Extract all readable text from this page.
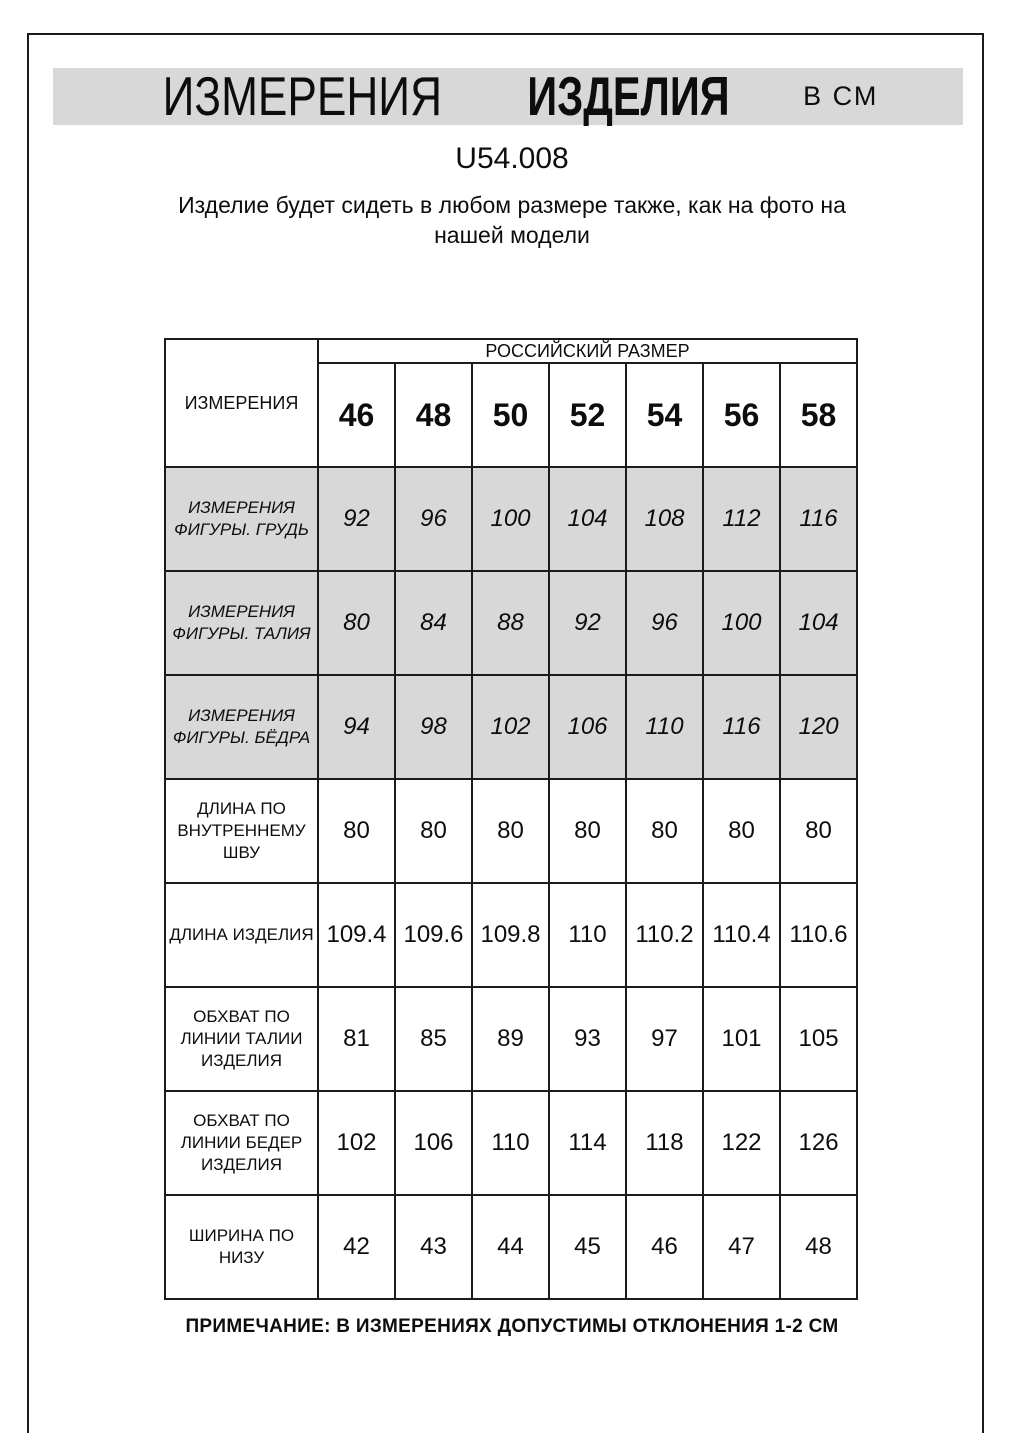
ИЗМЕРЕНИЯ ИЗДЕЛИЯ	В СМ
U54.008
Изделие будет сидеть в любом размере также, как на фото на нашей модели
ИЗМЕРЕНИЯ	РОССИЙСКИЙ РАЗМЕР						
	46	48	50	52	54	56	58
ИЗМЕРЕНИЯ ФИГУРЫ. ГРУДЬ	92	96	100	104	108	112	116
ИЗМЕРЕНИЯ ФИГУРЫ. ТАЛИЯ	80	84	88	92	96	100	104
ИЗМЕРЕНИЯ ФИГУРЫ. БЁДРА	94	98	102	106	110	116	120
ДЛИНА ПО ВНУТРЕННЕМУ ШВУ	80	80	80	80	80	80	80
ДЛИНА ИЗДЕЛИЯ	109.4	109.6	109.8	110	110.2	110.4	110.6
ОБХВАТ ПО ЛИНИИ ТАЛИИ ИЗДЕЛИЯ	81	85	89	93	97	101	105
ОБХВАТ ПО ЛИНИИ БЕДЕР ИЗДЕЛИЯ	102	106	110	114	118	122	126
ШИРИНА ПО НИЗУ	42	43	44	45	46	47	48
ПРИМЕЧАНИЕ: В ИЗМЕРЕНИЯХ ДОПУСТИМЫ ОТКЛОНЕНИЯ 1-2 СМ
